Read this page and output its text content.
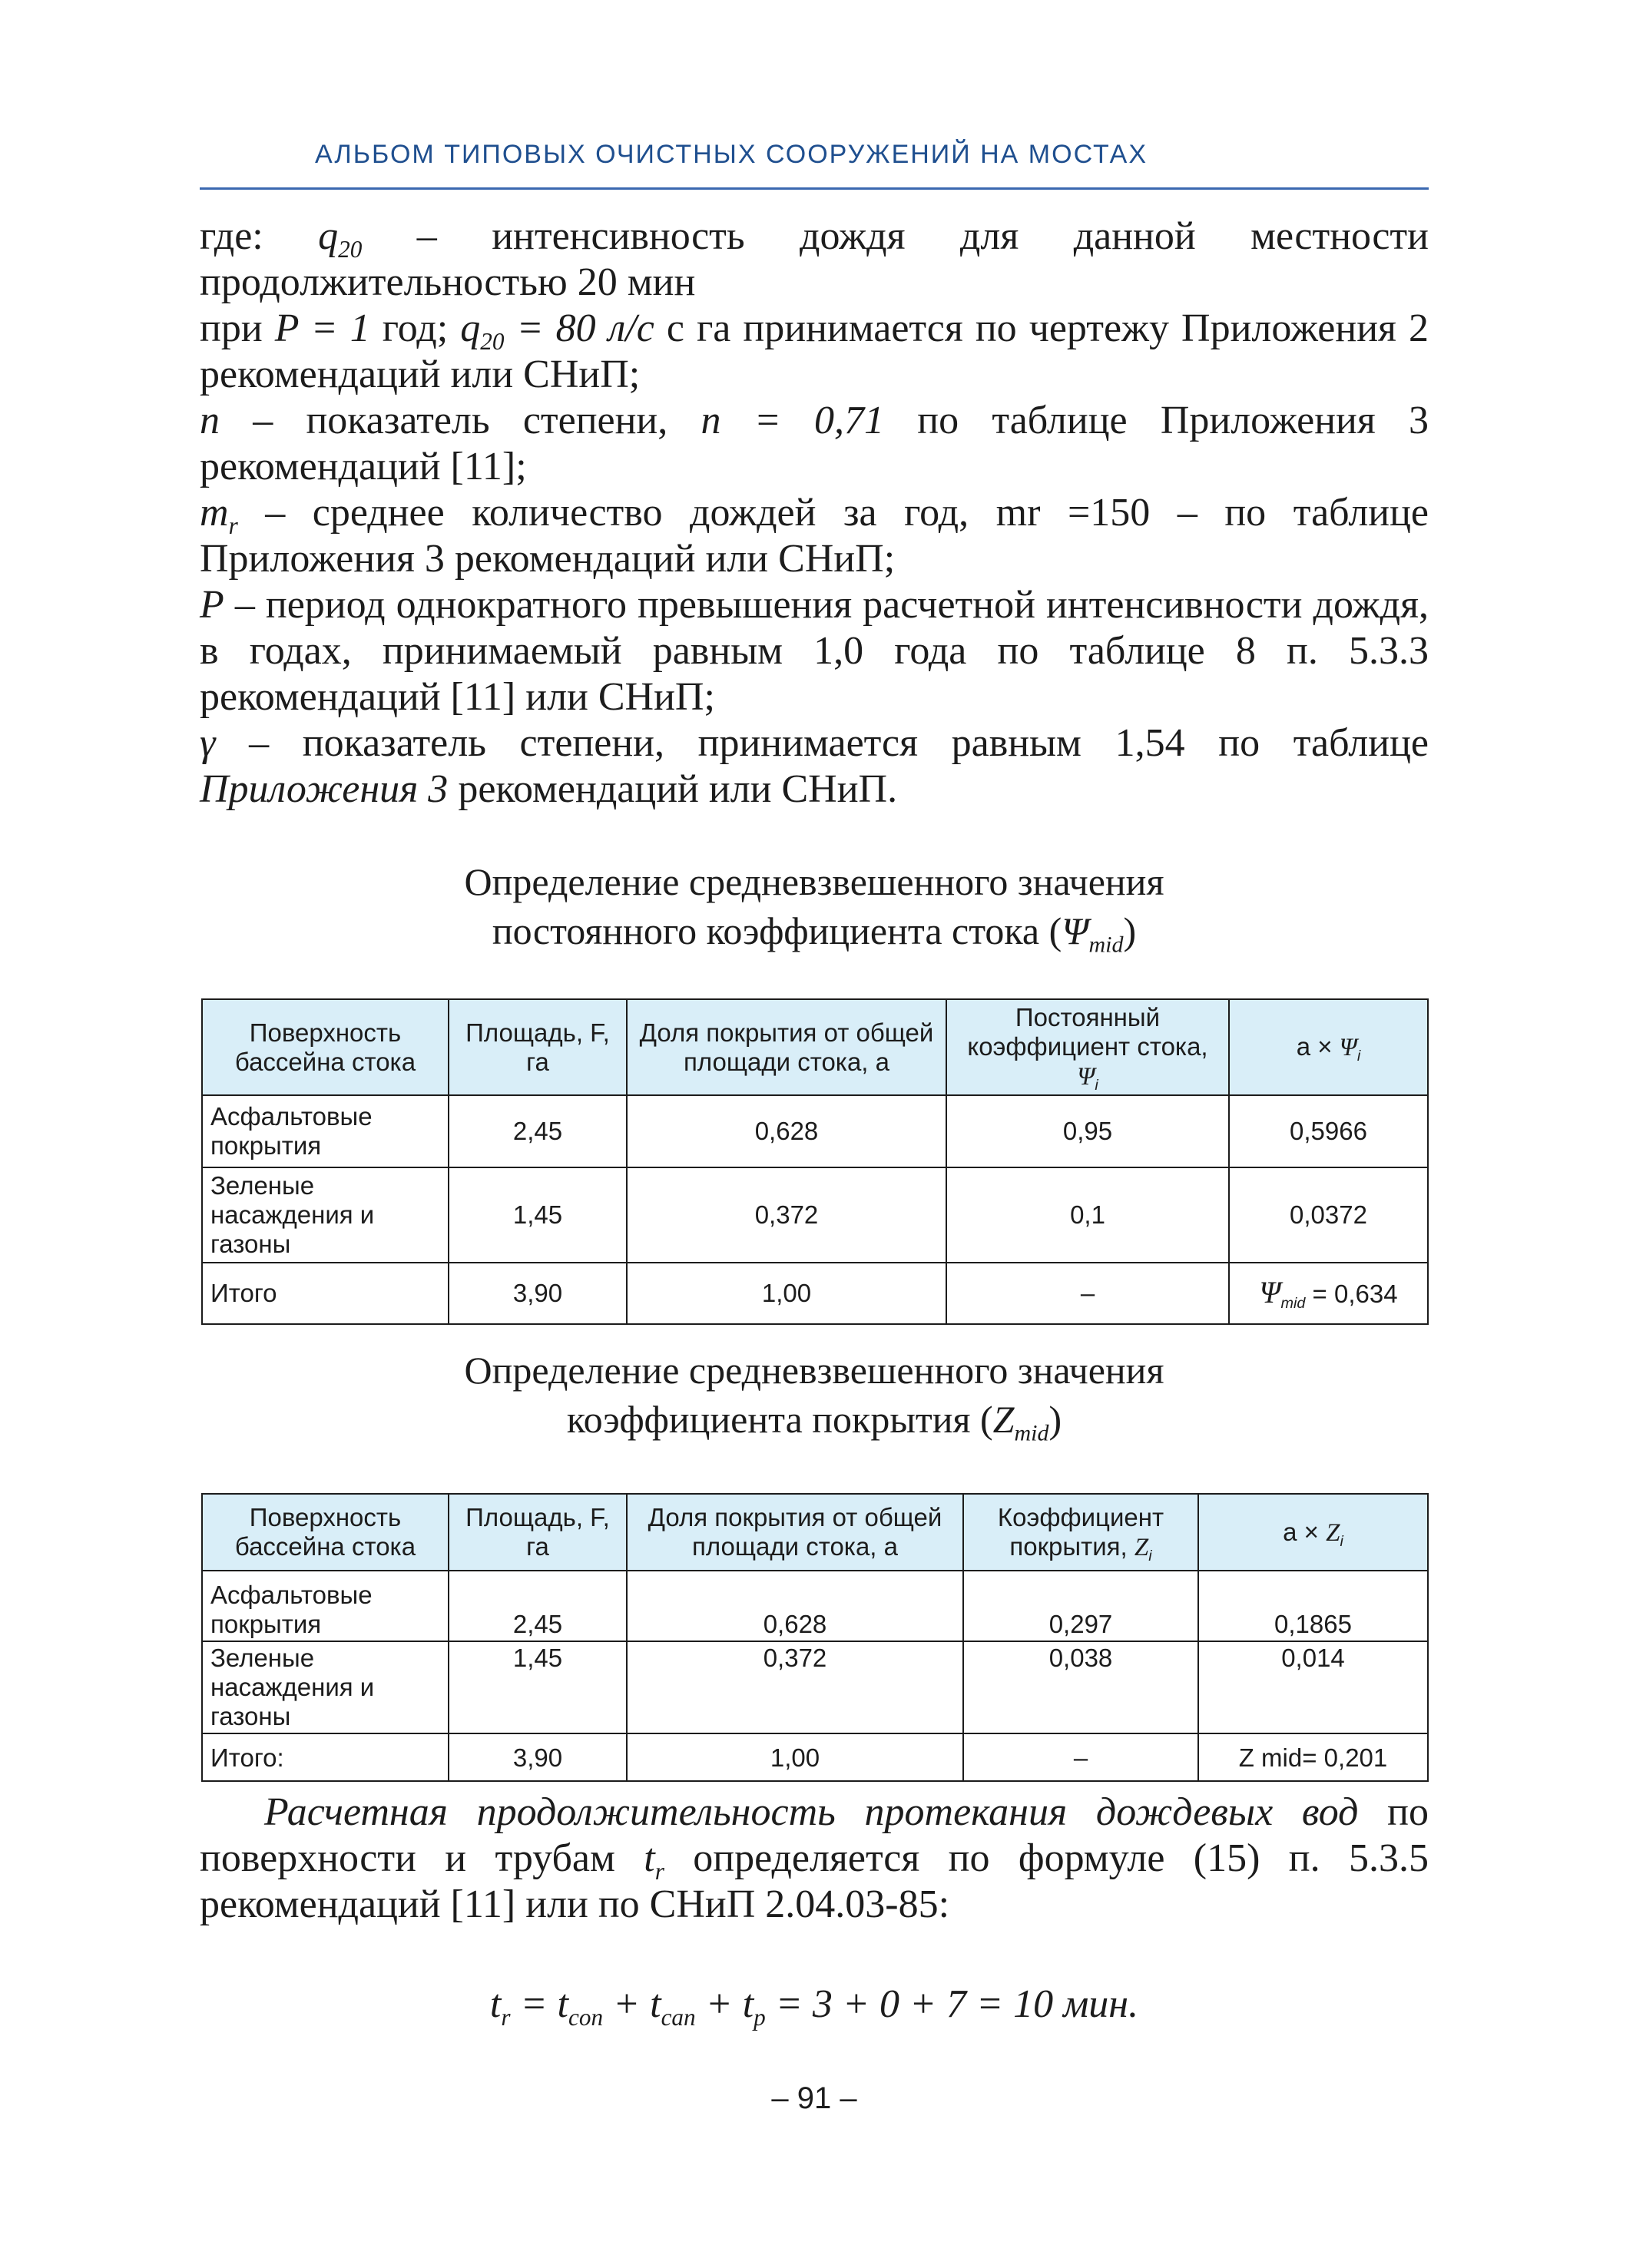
АЛЬБОМ ТИПОВЫХ ОЧИСТНЫХ СООРУЖЕНИЙ НА МОСТАХ

где: $q_{20}$ – интенсивность дождя для данной местности продолжительностью 20 мин

при P = 1 год; $q_{20} = 80$ л/с с га принимается по чертежу Приложения 2 рекомендаций или СНиП;

n – показатель степени, n = 0,71 по таблице Приложения 3 рекомендаций [11];

$m_r$ – среднее количество дождей за год, mr =150 – по таблице Приложения 3 рекомендаций или СНиП;

P – период однократного превышения расчетной интенсивности дождя, в годах, принимаемый равным 1,0 года по таблице 8 п. 5.3.3 рекомендаций [11] или СНиП;

γ – показатель степени, принимается равным 1,54 по таблице Приложения 3 рекомендаций или СНиП.

Определение средневзвешенного значения
постоянного коэффициента стока $(\Psi_{mid})$
Поверхность бассейна стока	Площадь, F, га	Доля покрытия от общей площади стока, a	Постоянный коэффициент стока, $\Psi_i$	$a \times \Psi_i$
Асфальтовые покрытия	2,45	0,628	0,95	0,5966
Зеленые насаждения и газоны	1,45	0,372	0,1	0,0372
Итого	3,90	1,00	–	$\Psi_{mid} = 0,634$
Определение средневзвешенного значения
коэффициента покрытия $(Z_{mid})$
Поверхность бассейна стока	Площадь, F, га	Доля покрытия от общей площади стока, a	Коэффициент покрытия, $Z_i$	$a \times Z_i$
Асфальтовые покрытия	2,45	0,628	0,297	0,1865
Зеленые насаждения и газоны	1,45	0,372	0,038	0,014
Итого:	3,90	1,00	–	Z mid= 0,201

Расчетная продолжительность протекания дождевых вод по поверхности и трубам $t_r$ определяется по формуле (15) п. 5.3.5 рекомендаций [11] или по СНиП 2.04.03-85:

$t_r = t_{con} + t_{can} + t_p = 3 + 0 + 7 = 10$ мин.
– 91 –
